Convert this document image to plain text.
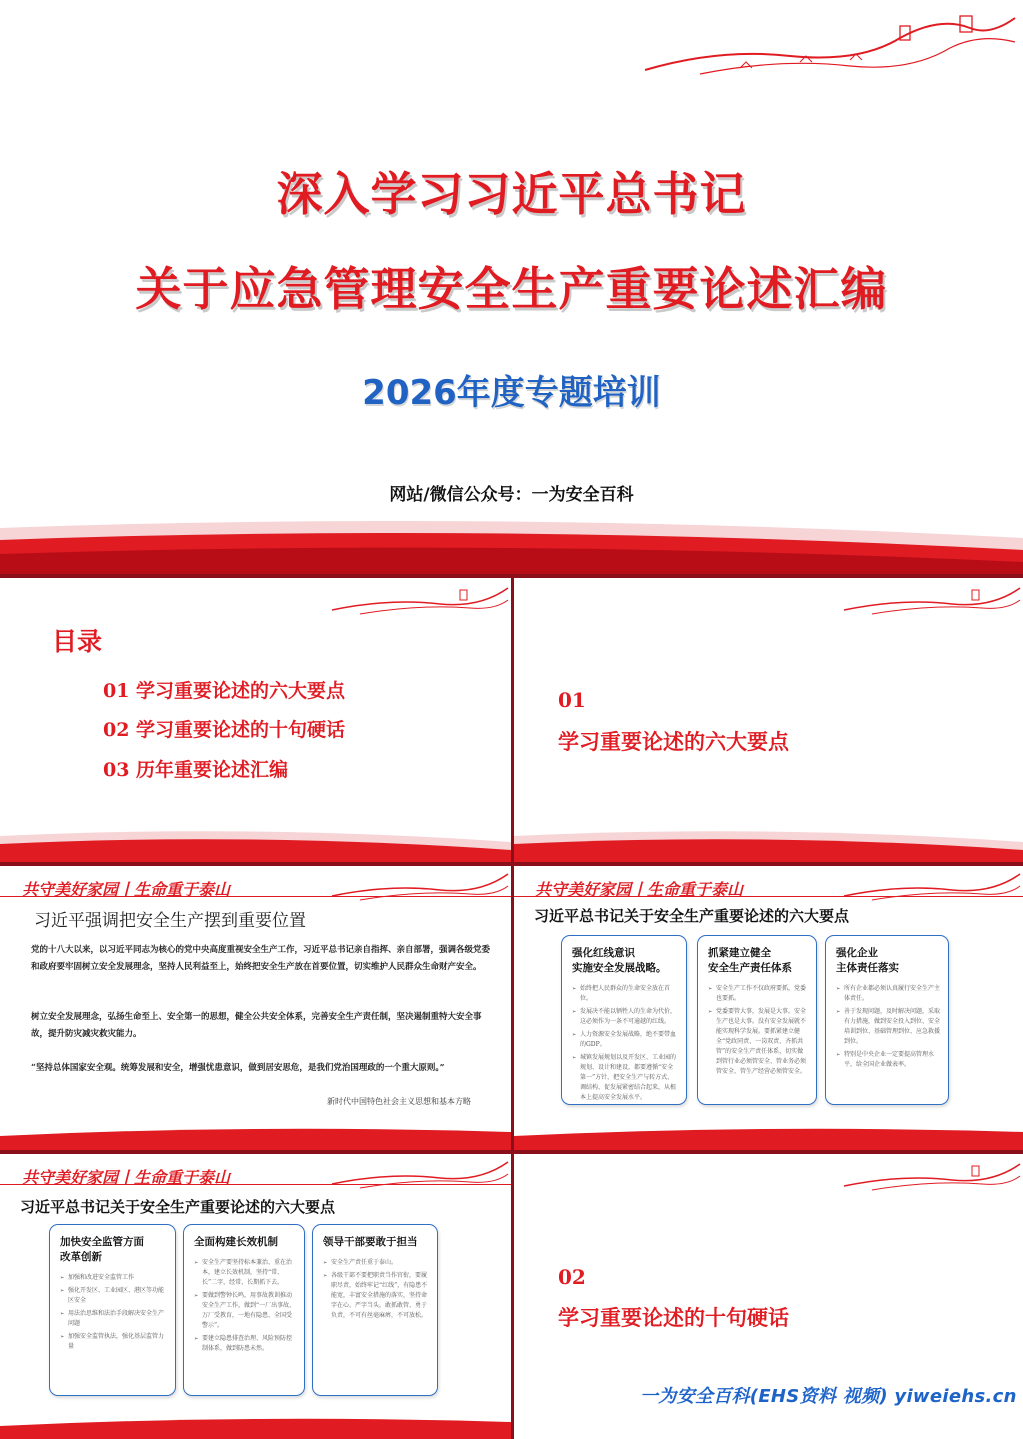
深入学习习近平总书记
关于应急管理安全生产重要论述汇编
2026年度专题培训
网站/微信公众号：一为安全百科
目录
01 学习重要论述的六大要点
02 学习重要论述的十句硬话
03 历年重要论述汇编
01
学习重要论述的六大要点
共守美好家园丨生命重于泰山
习近平强调把安全生产摆到重要位置
党的十八大以来，以习近平同志为核心的党中央高度重视安全生产工作，习近平总书记亲自指挥、亲自部署，强调各级党委和政府要牢固树立安全发展理念，坚持人民利益至上，始终把安全生产放在首要位置，切实维护人民群众生命财产安全。
树立安全发展理念，弘扬生命至上、安全第一的思想，健全公共安全体系，完善安全生产责任制，坚决遏制重特大安全事故，提升防灾减灾救灾能力。
“坚持总体国家安全观。统筹发展和安全，增强忧患意识，做到居安思危，是我们党治国理政的一个重大原则。”
新时代中国特色社会主义思想和基本方略
共守美好家园丨生命重于泰山
习近平总书记关于安全生产重要论述的六大要点
强化红线意识
实施安全发展战略。
➢ 始终把人民群众的生命安全放在首位。
➢ 发展决不能以牺牲人的生命为代价，这必须作为一条不可逾越的红线。
➢ 人力资源安全发展战略，绝不要带血的GDP。
➢ 城镇发展规划以及开发区、工业园的规划、设计和建设，都要遵循“安全第一”方针，把安全生产与转方式、调结构、促发展紧密结合起来，从根本上提高安全发展水平。
抓紧建立健全
安全生产责任体系
➢ 安全生产工作不仅政府要抓，党委也要抓。
➢ 党委要管大事，发展是大事，安全生产也是大事。没有安全发展就不能实现科学发展。要抓紧建立健全“党政同责、一岗双责、齐抓共管”的安全生产责任体系，切实做到管行业必须管安全、管业务必须管安全、管生产经营必须管安全。
强化企业
主体责任落实
➢ 所有企业都必须认真履行安全生产主体责任。
➢ 善于发现问题，及时解决问题，采取有力措施，做到安全投入到位、安全培训到位、基础管理到位、应急救援到位。
➢ 特别是中央企业一定要提高管理水平，给全国企业做表率。
共守美好家园丨生命重于泰山
习近平总书记关于安全生产重要论述的六大要点
加快安全监管方面
改革创新
➢ 加强和改进安全监管工作
➢ 强化开发区、工业园区、港区等功能区安全
➢ 用法治思维和法治手段解决安全生产问题
➢ 加强安全监管执法，强化基层监管力量
全面构建长效机制
➢ 安全生产要坚持标本兼治、重在治本，建立长效机制，坚持“常、长”二字，经常、长期抓下去。
➢ 要做到警钟长鸣，用事故教训推动安全生产工作，做到“一厂出事故、万厂受教育，一地有隐患、全国受警示”。
➢ 要建立隐患排查治理、风险预防控制体系，做到防患未然。
领导干部要敢于担当
➢ 安全生产责任重于泰山。
➢ 各级干部不要把职责当作官衔，要履职尽责，始终牢记“红线”，有隐患不能宽，丰富安全措施的落实，坚持命字在心、严字当头，敢抓敢管、勇于负责，不可有丝毫麻痹，不可放松。
02
学习重要论述的十句硬话
一为安全百科(EHS资料 视频) yiweiehs.cn
